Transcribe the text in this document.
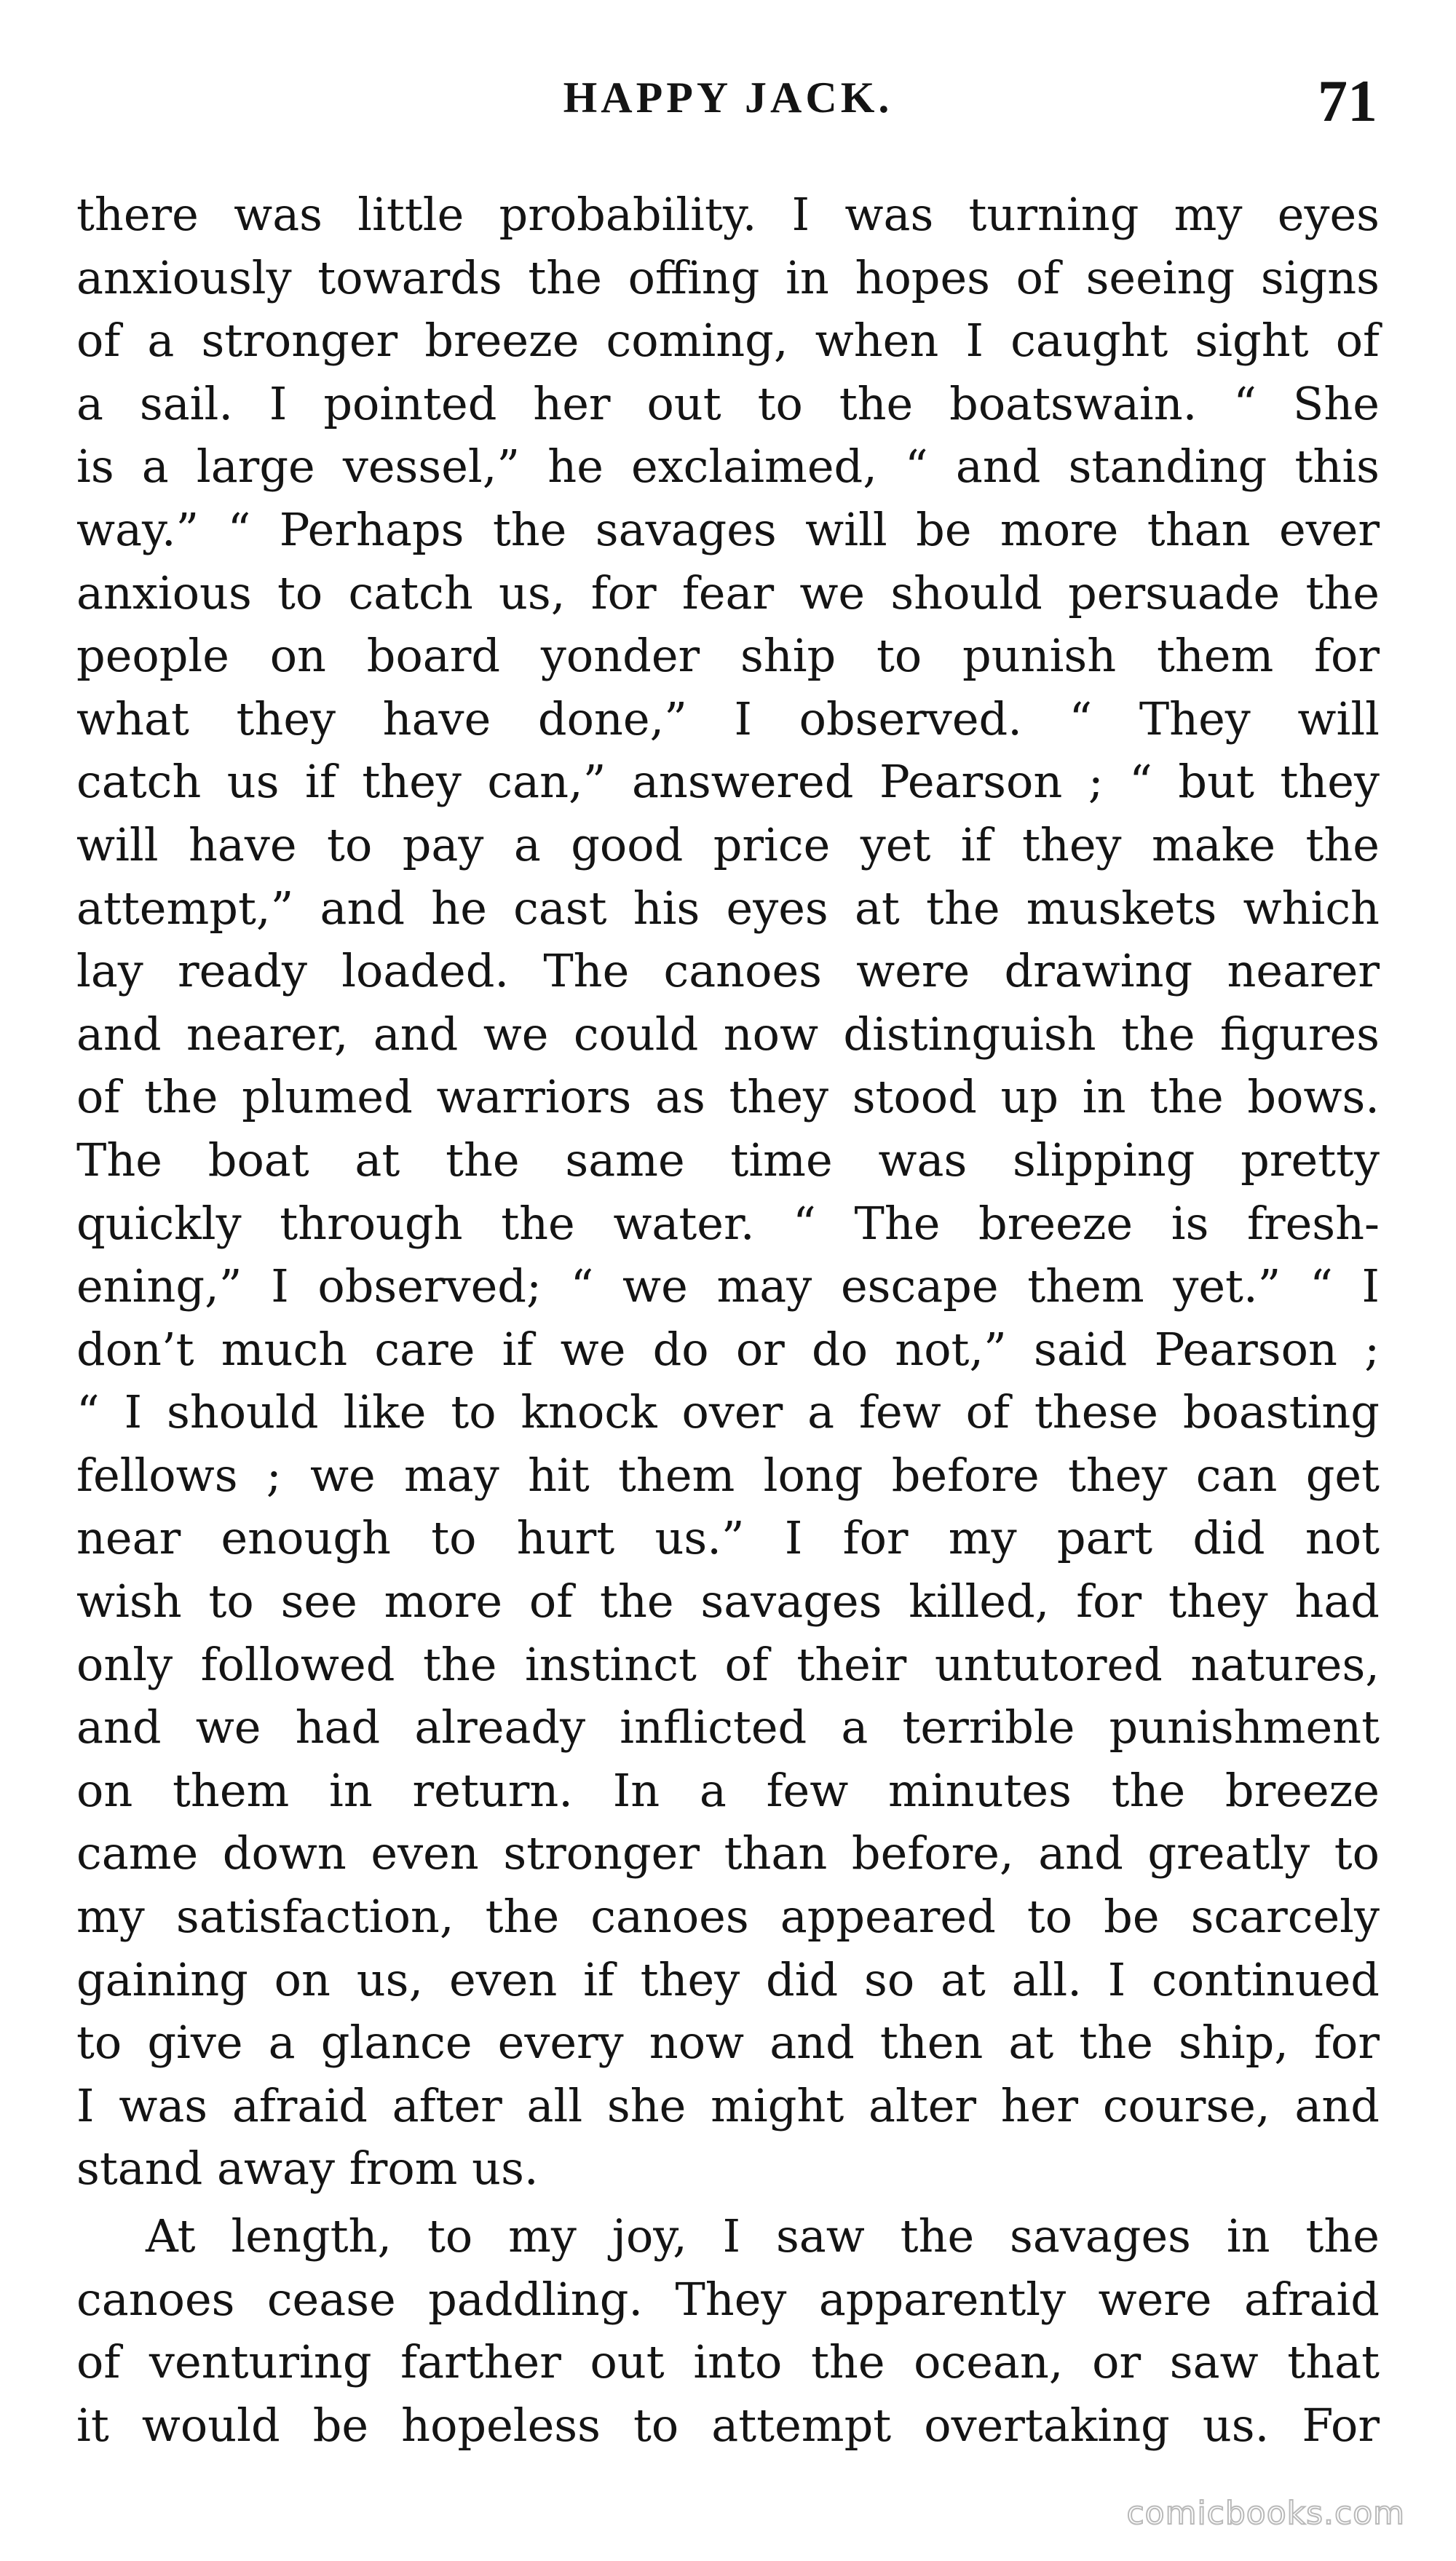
HAPPY JACK.	71
there was little probability. I was turning my eyes
anxiously towards the offing in hopes of seeing signs
of a stronger breeze coming, when I caught sight of
a sail. I pointed her out to the boatswain. “ She
is a large vessel,” he exclaimed, “ and standing this
way.” “ Perhaps the savages will be more than ever
anxious to catch us, for fear we should persuade the
people on board yonder ship to punish them for
what they have done,” I observed. “ They will
catch us if they can,” answered Pearson ; “ but they
will have to pay a good price yet if they make the
attempt,” and he cast his eyes at the muskets which
lay ready loaded. The canoes were drawing nearer
and nearer, and we could now distinguish the figures
of the plumed warriors as they stood up in the bows.
The boat at the same time was slipping pretty
quickly through the water. “ The breeze is fresh-
ening,” I observed; “ we may escape them yet.” “ I
don’t much care if we do or do not,” said Pearson ;
“ I should like to knock over a few of these boasting
fellows ; we may hit them long before they can get
near enough to hurt us.” I for my part did not
wish to see more of the savages killed, for they had
only followed the instinct of their untutored natures,
and we had already inflicted a terrible punishment
on them in return. In a few minutes the breeze
came down even stronger than before, and greatly to
my satisfaction, the canoes appeared to be scarcely
gaining on us, even if they did so at all. I continued
to give a glance every now and then at the ship, for
I was afraid after all she might alter her course, and
stand away from us.
At length, to my joy, I saw the savages in the
canoes cease paddling. They apparently were afraid
of venturing farther out into the ocean, or saw that
it would be hopeless to attempt overtaking us. For
comicbooks.com
